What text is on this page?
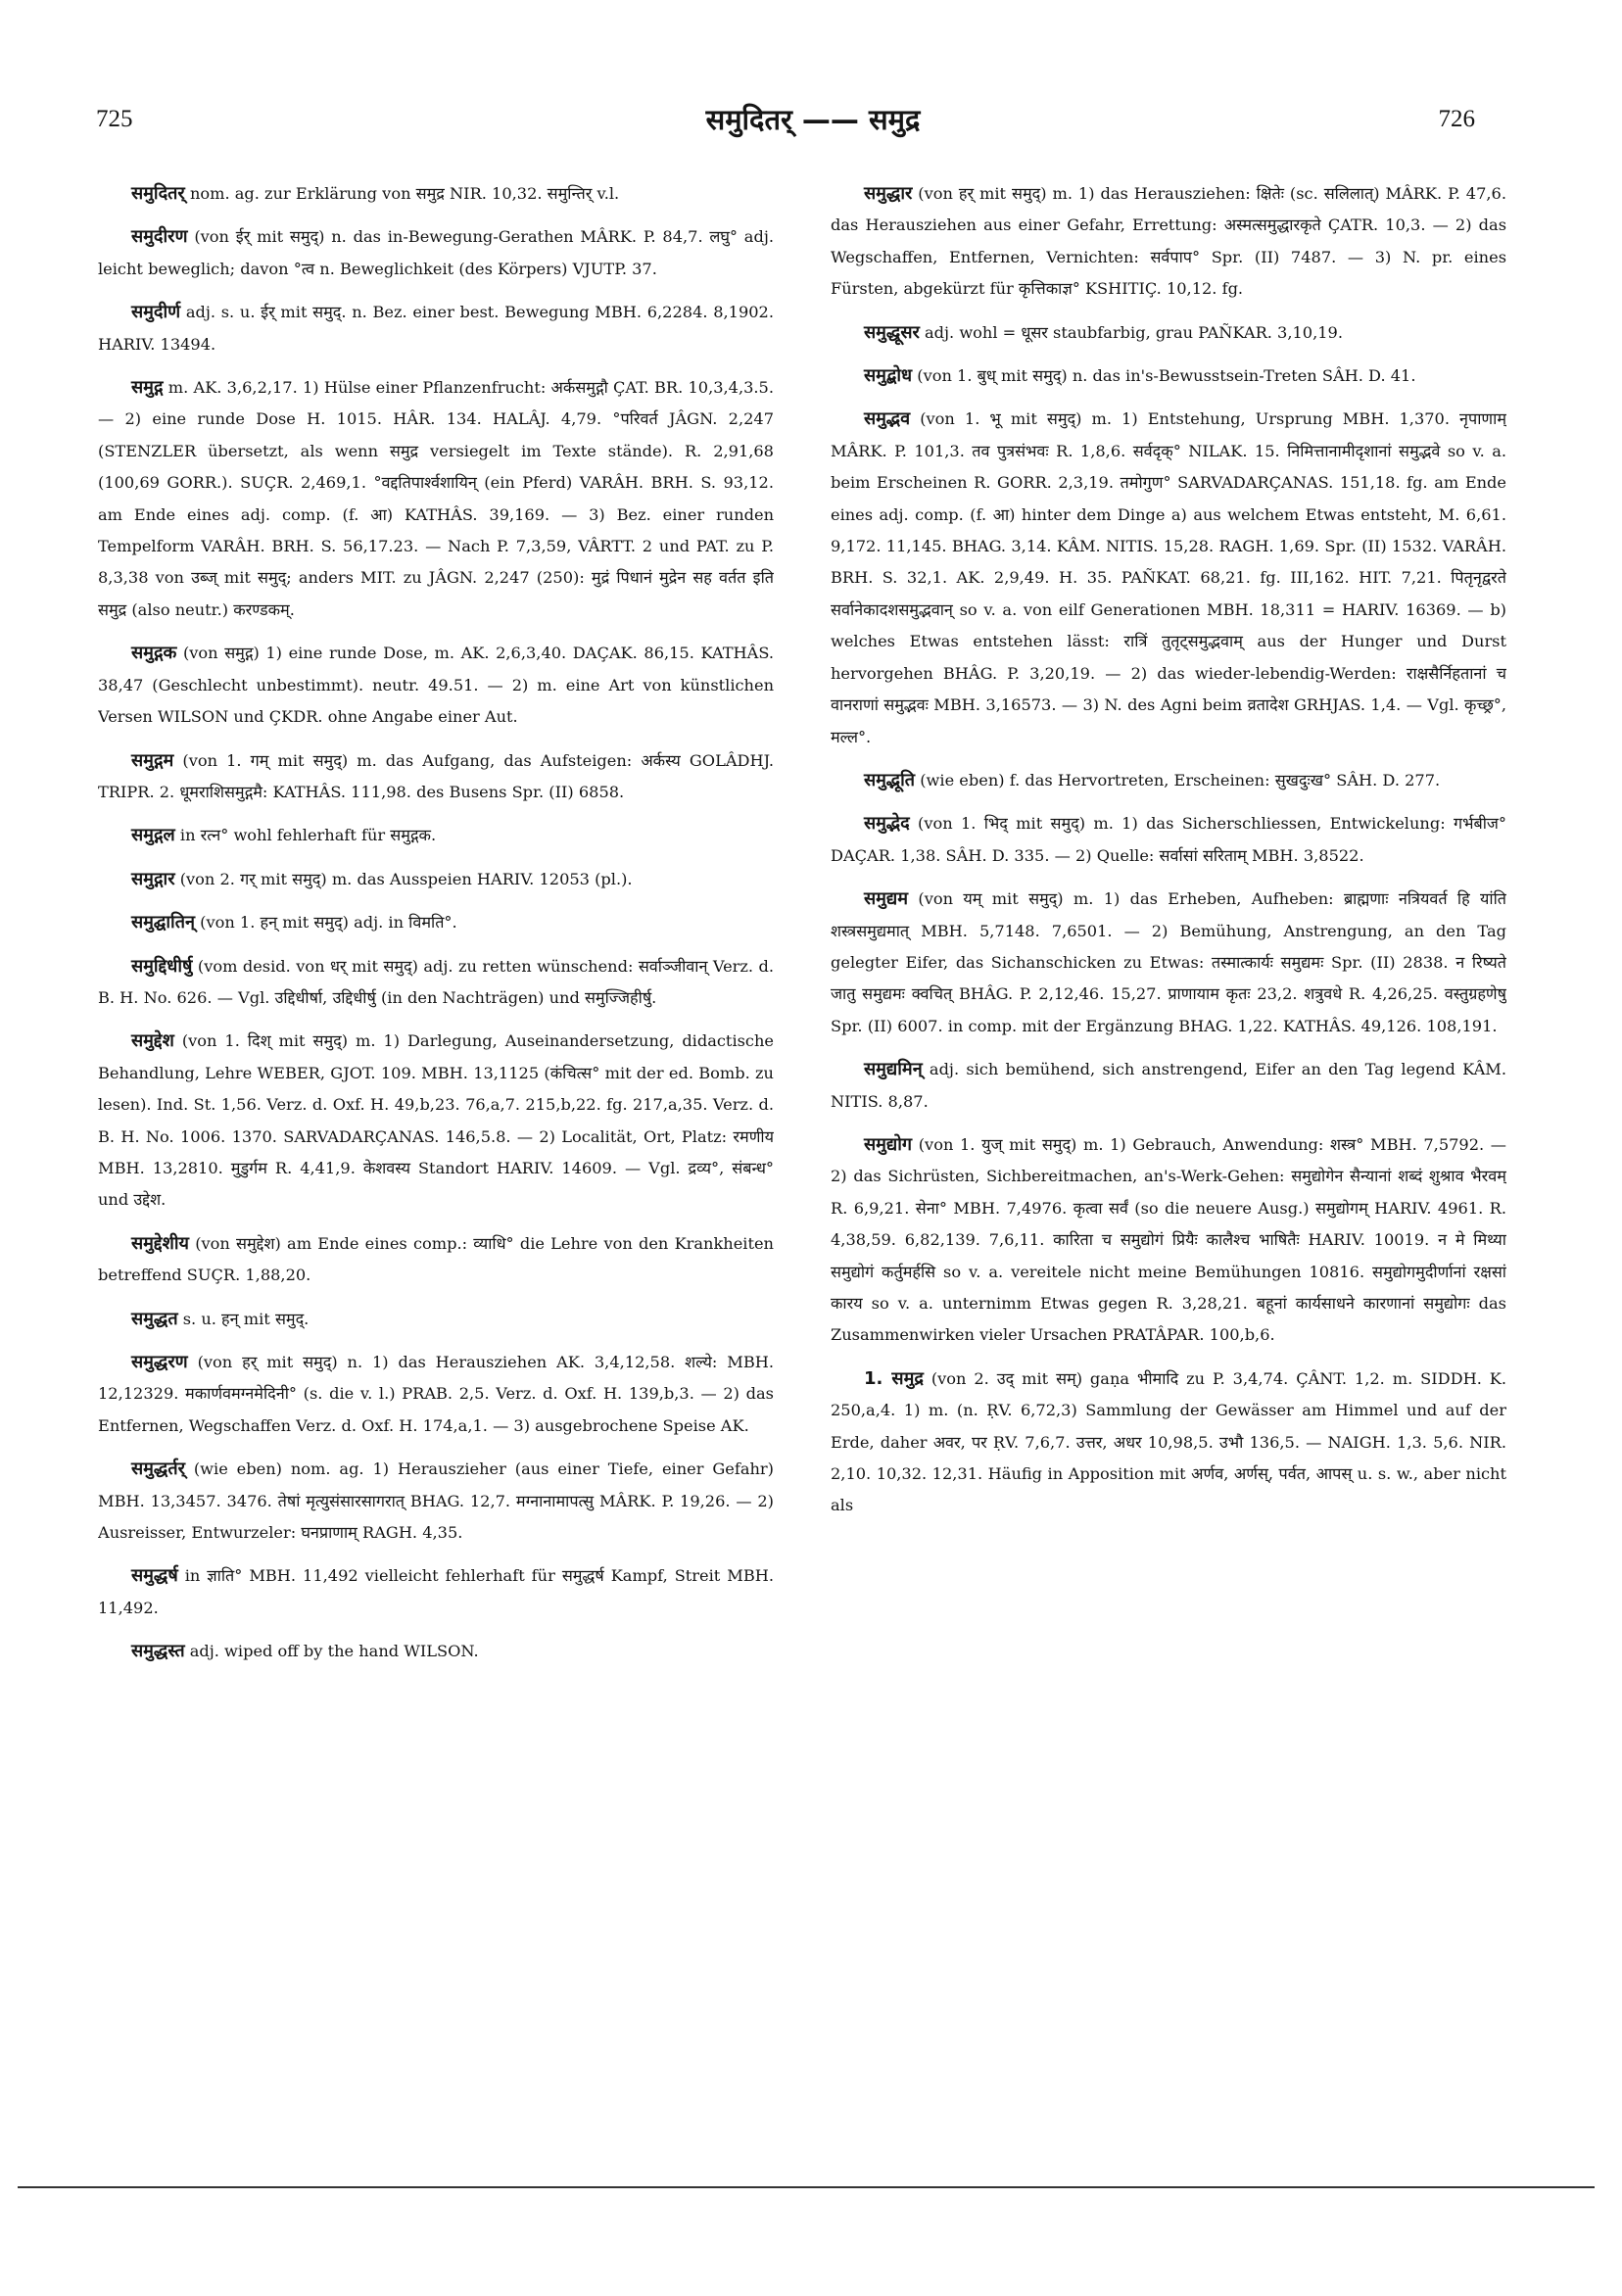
725	समुदितर् —— समुद्र	726

समुदितर् nom. ag. zur Erklärung von समुद्र NIR. 10,32. समुन्तिर् v.l.

समुदीरण (von ईर् mit समुद्) n. das in-Bewegung-Gerathen MÂRK. P. 84,7. लघु° adj. leicht beweglich; davon °त्व n. Beweglichkeit (des Körpers) VJUTP. 37.

समुदीर्ण adj. s. u. ईर् mit समुद्. n. Bez. einer best. Bewegung MBH. 6,2284. 8,1902. HARIV. 13494.

समुद्ग m. AK. 3,6,2,17. 1) Hülse einer Pflanzenfrucht: अर्कसमुद्गौ ÇAT. BR. 10,3,4,3.5. — 2) eine runde Dose H. 1015. HÂR. 134. HALÂJ. 4,79. °परिवर्त JÂGN. 2,247 (STENZLER übersetzt, als wenn समुद्र versiegelt im Texte stände). R. 2,91,68 (100,69 GORR.). SUÇR. 2,469,1. °वद्दतिपार्श्वशायिन् (ein Pferd) VARÂH. BRH. S. 93,12. am Ende eines adj. comp. (f. आ) KATHÂS. 39,169. — 3) Bez. einer runden Tempelform VARÂH. BRH. S. 56,17.23. — Nach P. 7,3,59, VÂRTT. 2 und PAT. zu P. 8,3,38 von उब्ज् mit समुद्; anders MIT. zu JÂGN. 2,247 (250): मुद्रं पिधानं मुद्रेन सह वर्तत इति समुद्र (also neutr.) करण्डकम्.

समुद्गक (von समुद्ग) 1) eine runde Dose, m. AK. 2,6,3,40. DAÇAK. 86,15. KATHÂS. 38,47 (Geschlecht unbestimmt). neutr. 49.51. — 2) m. eine Art von künstlichen Versen WILSON und ÇKDR. ohne Angabe einer Aut.

समुद्गम (von 1. गम् mit समुद्) m. das Aufgang, das Aufsteigen: अर्कस्य GOLÂDHJ. TRIPR. 2. धूमराशिसमुद्गमै: KATHÂS. 111,98. des Busens Spr. (II) 6858.

समुद्गल in रत्न° wohl fehlerhaft für समुद्गक.

समुद्गार (von 2. गर् mit समुद्) m. das Ausspeien HARIV. 12053 (pl.).

समुद्घातिन् (von 1. हन् mit समुद्) adj. in विमति°.

समुद्दिधीर्षु (vom desid. von धर् mit समुद्) adj. zu retten wünschend: सर्वाञ्जीवान् Verz. d. B. H. No. 626. — Vgl. उद्दिधीर्षा, उद्दिधीर्षु (in den Nachträgen) und समुज्जिहीर्षु.

समुद्देश (von 1. दिश् mit समुद्) m. 1) Darlegung, Auseinandersetzung, didactische Behandlung, Lehre WEBER, GJOT. 109. MBH. 13,1125 (कंचित्स° mit der ed. Bomb. zu lesen). Ind. St. 1,56. Verz. d. Oxf. H. 49,b,23. 76,a,7. 215,b,22. fg. 217,a,35. Verz. d. B. H. No. 1006. 1370. SARVADARÇANAS. 146,5.8. — 2) Localität, Ort, Platz: रमणीय MBH. 13,2810. मुडुर्गम R. 4,41,9. केशवस्य Standort HARIV. 14609. — Vgl. द्रव्य°, संबन्ध° und उद्देश.

समुद्देशीय (von समुद्देश) am Ende eines comp.: व्याधि° die Lehre von den Krankheiten betreffend SUÇR. 1,88,20.

समुद्धत s. u. हन् mit समुद्.

समुद्धरण (von हर् mit समुद्) n. 1) das Herausziehen AK. 3,4,12,58. शल्ये: MBH. 12,12329. मकार्णवमग्नमेदिनी° (s. die v. l.) PRAB. 2,5. Verz. d. Oxf. H. 139,b,3. — 2) das Entfernen, Wegschaffen Verz. d. Oxf. H. 174,a,1. — 3) ausgebrochene Speise AK.

समुद्धर्तर् (wie eben) nom. ag. 1) Herauszieher (aus einer Tiefe, einer Gefahr) MBH. 13,3457. 3476. तेषां मृत्युसंसारसागरात् BHAG. 12,7. मग्नानामापत्सु MÂRK. P. 19,26. — 2) Ausreisser, Entwurzeler: घनप्राणाम् RAGH. 4,35.

समुद्धर्ष in ज्ञाति° MBH. 11,492 vielleicht fehlerhaft für समुद्धर्ष Kampf, Streit MBH. 11,492.

समुद्धस्त adj. wiped off by the hand WILSON.

समुद्धार (von हर् mit समुद्) m. 1) das Herausziehen: क्षितेः (sc. सलिलात्) MÂRK. P. 47,6. das Herausziehen aus einer Gefahr, Errettung: अस्मत्समुद्धारकृते ÇATR. 10,3. — 2) das Wegschaffen, Entfernen, Vernichten: सर्वपाप° Spr. (II) 7487. — 3) N. pr. eines Fürsten, abgekürzt für कृत्तिकाज्ञ° KSHITIÇ. 10,12. fg.

समुद्धूसर adj. wohl = धूसर staubfarbig, grau PAÑKAR. 3,10,19.

समुद्बोध (von 1. बुध् mit समुद्) n. das in's-Bewusstsein-Treten SÂH. D. 41.

समुद्भव (von 1. भू mit समुद्) m. 1) Entstehung, Ursprung MBH. 1,370. नृपाणाम् MÂRK. P. 101,3. तव पुत्रसंभवः R. 1,8,6. सर्वदृक्° NILAK. 15. निमित्तानामीदृशानां समुद्भवे so v. a. beim Erscheinen R. GORR. 2,3,19. तमोगुण° SARVADARÇANAS. 151,18. fg. am Ende eines adj. comp. (f. आ) hinter dem Dinge a) aus welchem Etwas entsteht, M. 6,61. 9,172. 11,145. BHAG. 3,14. KÂM. NITIS. 15,28. RAGH. 1,69. Spr. (II) 1532. VARÂH. BRH. S. 32,1. AK. 2,9,49. H. 35. PAÑKAT. 68,21. fg. III,162. HIT. 7,21. पितृनृद्वरते सर्वानेकादशसमुद्भवान् so v. a. von eilf Generationen MBH. 18,311 = HARIV. 16369. — b) welches Etwas entstehen lässt: रात्रिं तुतृट्समुद्भवाम् aus der Hunger und Durst hervorgehen BHÂG. P. 3,20,19. — 2) das wieder-lebendig-Werden: राक्षसैर्निहतानां च वानराणां समुद्भवः MBH. 3,16573. — 3) N. des Agni beim व्रतादेश GRHJAS. 1,4. — Vgl. कृच्छ्र°, मल्ल°.

समुद्भूति (wie eben) f. das Hervortreten, Erscheinen: सुखदुःख° SÂH. D. 277.

समुद्भेद (von 1. भिद् mit समुद्) m. 1) das Sicherschliessen, Entwickelung: गर्भबीज° DAÇAR. 1,38. SÂH. D. 335. — 2) Quelle: सर्वासां सरिताम् MBH. 3,8522.

समुद्यम (von यम् mit समुद्) m. 1) das Erheben, Aufheben: ब्राह्मणाः नत्रियवर्त हि यांति शस्त्रसमुद्यमात् MBH. 5,7148. 7,6501. — 2) Bemühung, Anstrengung, an den Tag gelegter Eifer, das Sichanschicken zu Etwas: तस्मात्कार्यः समुद्यमः Spr. (II) 2838. न रिष्यते जातु समुद्यमः क्वचित् BHÂG. P. 2,12,46. 15,27. प्राणायाम कृतः 23,2. शत्रुवधे R. 4,26,25. वस्तुग्रहणेषु Spr. (II) 6007. in comp. mit der Ergänzung BHAG. 1,22. KATHÂS. 49,126. 108,191.

समुद्यमिन् adj. sich bemühend, sich anstrengend, Eifer an den Tag legend KÂM. NITIS. 8,87.

समुद्योग (von 1. युज् mit समुद्) m. 1) Gebrauch, Anwendung: शस्त्र° MBH. 7,5792. — 2) das Sichrüsten, Sichbereitmachen, an's-Werk-Gehen: समुद्योगेन सैन्यानां शब्दं शुश्राव भैरवम् R. 6,9,21. सेना° MBH. 7,4976. कृत्वा सर्वं (so die neuere Ausg.) समुद्योगम् HARIV. 4961. R. 4,38,59. 6,82,139. 7,6,11. कारिता च समुद्योगं प्रियैः कालैश्च भाषितैः HARIV. 10019. न मे मिथ्या समुद्योगं कर्तुमर्हसि so v. a. vereitele nicht meine Bemühungen 10816. समुद्योगमुदीर्णानां रक्षसां कारय so v. a. unternimm Etwas gegen R. 3,28,21. बहूनां कार्यसाधने कारणानां समुद्योगः das Zusammenwirken vieler Ursachen PRATÂPAR. 100,b,6.

1. समुद्र (von 2. उद् mit सम्) gaṇa भीमादि zu P. 3,4,74. ÇÂNT. 1,2. m. SIDDH. K. 250,a,4. 1) m. (n. ṚV. 6,72,3) Sammlung der Gewässer am Himmel und auf der Erde, daher अवर, पर ṚV. 7,6,7. उत्तर, अधर 10,98,5. उभौ 136,5. — NAIGH. 1,3. 5,6. NIR. 2,10. 10,32. 12,31. Häufig in Apposition mit अर्णव, अर्णस्, पर्वत, आपस् u. s. w., aber nicht als
